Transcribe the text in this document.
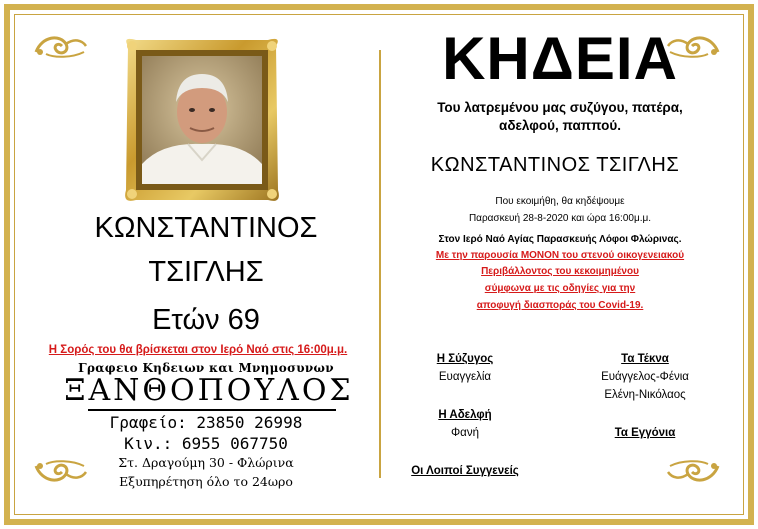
ΚΩΝΣΤΑΝΤΙΝΟΣ
ΤΣΙΓΛΗΣ
Ετών 69
Η Σορός του θα βρίσκεται στον Ιερό Ναό στις 16:00μ.μ.
Γραφειο Κηδειων και Μνημοσυνων
ΞΑΝΘΟΠΟΥΛΟΣ
Γραφείο: 23850 26998
Κιν.: 6955 067750
Στ. Δραγούμη 30 - Φλώρινα
Εξυπηρέτηση όλο το 24ωρο
ΚΗΔΕΙΑ
Του λατρεμένου μας συζύγου, πατέρα,
αδελφού, παππού.
ΚΩΝΣΤΑΝΤΙΝΟΣ ΤΣΙΓΛΗΣ
Που εκοιμήθη, θα κηδέψουμε
Παρασκευή 28-8-2020 και ώρα 16:00μ.μ.
Στον Ιερό Ναό Αγίας Παρασκευής Λόφοι Φλώρινας.
Με την παρουσία ΜΟΝΟΝ του στενού οικογενειακού
Περιβάλλοντος του κεκοιμημένου
σύμφωνα με τις οδηγίες για την
αποφυγή διασποράς του Covid-19.
Η Σύζυγος
Ευαγγελία
Η Αδελφή
Φανή
Τα Τέκνα
Ευάγγελος-Φένια
Ελένη-Νικόλαος
Τα Εγγόνια
Οι Λοιποί Συγγενείς
